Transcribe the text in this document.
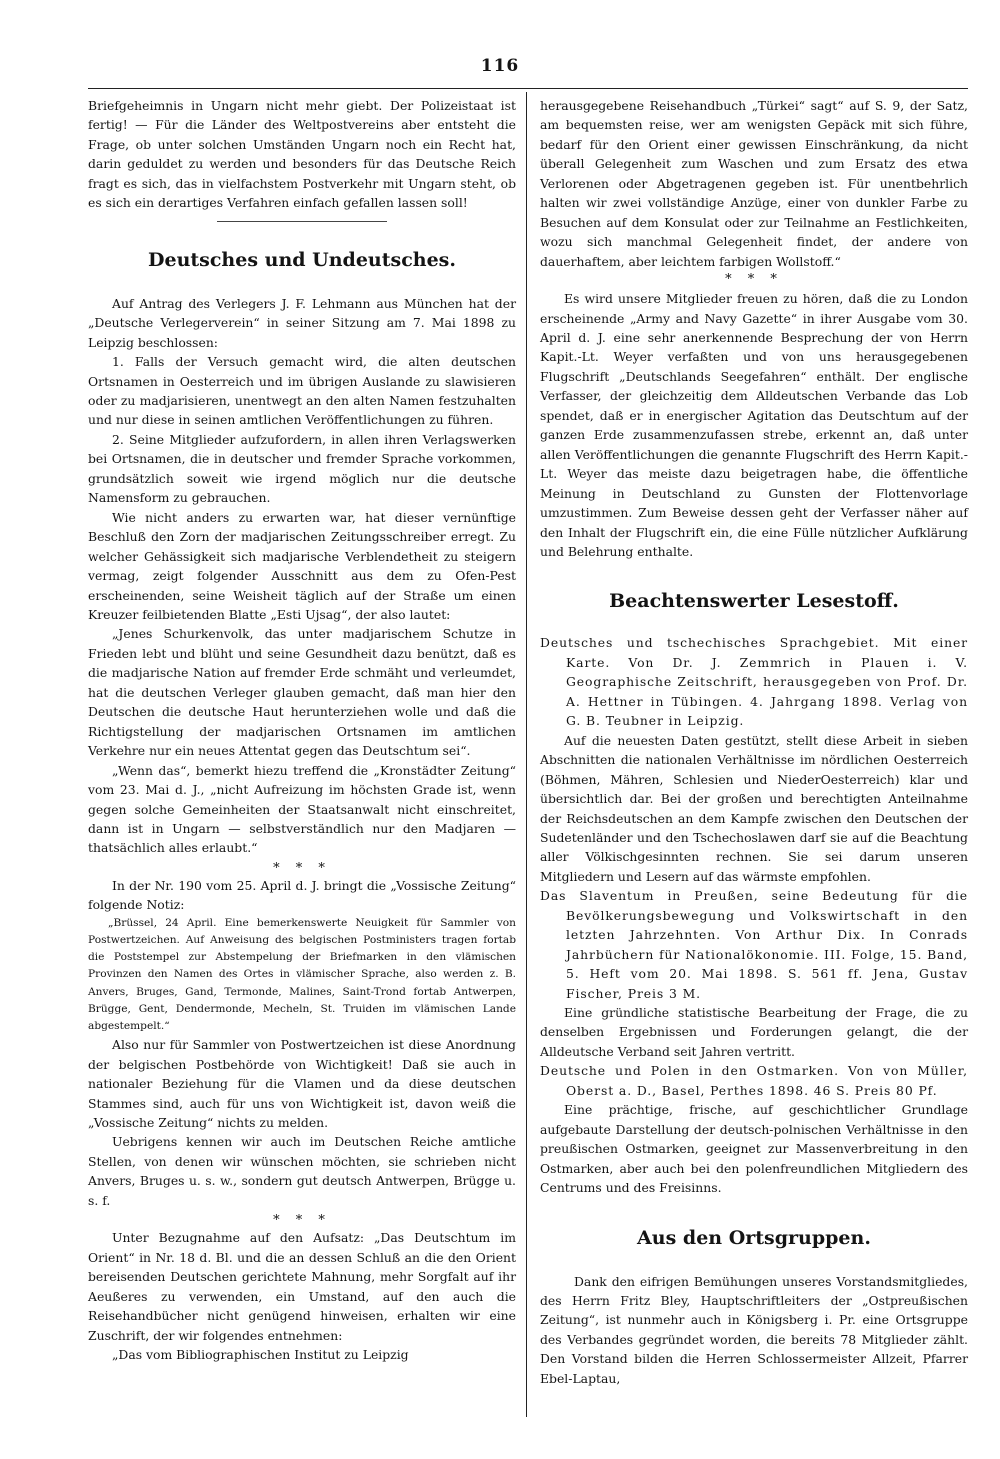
116

Briefgeheimnis in Ungarn nicht mehr giebt. Der Polizeistaat ist fertig! — Für die Länder des Weltpostvereins aber entsteht die Frage, ob unter solchen Umständen Ungarn noch ein Recht hat, darin geduldet zu werden und besonders für das Deutsche Reich fragt es sich, das in vielfachstem Postverkehr mit Ungarn steht, ob es sich ein derartiges Verfahren einfach gefallen lassen soll!

Deutsches und Undeutsches.

Auf Antrag des Verlegers J. F. Lehmann aus München hat der „Deutsche Verlegerverein“ in seiner Sitzung am 7. Mai 1898 zu Leipzig beschlossen:

1. Falls der Versuch gemacht wird, die alten deutschen Ortsnamen in Oesterreich und im übrigen Auslande zu slawisieren oder zu madjarisieren, unentwegt an den alten Namen festzuhalten und nur diese in seinen amtlichen Veröffentlichungen zu führen.

2. Seine Mitglieder aufzufordern, in allen ihren Verlagswerken bei Ortsnamen, die in deutscher und fremder Sprache vorkommen, grundsätzlich soweit wie irgend möglich nur die deutsche Namensform zu gebrauchen.

Wie nicht anders zu erwarten war, hat dieser vernünftige Beschluß den Zorn der madjarischen Zeitungsschreiber erregt. Zu welcher Gehässigkeit sich madjarische Verblendetheit zu steigern vermag, zeigt folgender Ausschnitt aus dem zu Ofen-Pest erscheinenden, seine Weisheit täglich auf der Straße um einen Kreuzer feilbietenden Blatte „Esti Ujsag“, der also lautet:

„Jenes Schurkenvolk, das unter madjarischem Schutze in Frieden lebt und blüht und seine Gesundheit dazu benützt, daß es die madjarische Nation auf fremder Erde schmäht und verleumdet, hat die deutschen Verleger glauben gemacht, daß man hier den Deutschen die deutsche Haut herunterziehen wolle und daß die Richtigstellung der madjarischen Ortsnamen im amtlichen Verkehre nur ein neues Attentat gegen das Deutschtum sei“.

„Wenn das“, bemerkt hiezu treffend die „Kronstädter Zeitung“ vom 23. Mai d. J., „nicht Aufreizung im höchsten Grade ist, wenn gegen solche Gemeinheiten der Staatsanwalt nicht einschreitet, dann ist in Ungarn — selbstverständlich nur den Madjaren — thatsächlich alles erlaubt.“

* * *

In der Nr. 190 vom 25. April d. J. bringt die „Vossische Zeitung“ folgende Notiz:

„Brüssel, 24 April. Eine bemerkenswerte Neuigkeit für Sammler von Postwertzeichen. Auf Anweisung des belgischen Postministers tragen fortab die Poststempel zur Abstempelung der Briefmarken in den vlämischen Provinzen den Namen des Ortes in vlämischer Sprache, also werden z. B. Anvers, Bruges, Gand, Termonde, Malines, Saint-Trond fortab Antwerpen, Brügge, Gent, Dendermonde, Mecheln, St. Truiden im vlämischen Lande abgestempelt.“

Also nur für Sammler von Postwertzeichen ist diese Anordnung der belgischen Postbehörde von Wichtigkeit! Daß sie auch in nationaler Beziehung für die Vlamen und da diese deutschen Stammes sind, auch für uns von Wichtigkeit ist, davon weiß die „Vossische Zeitung“ nichts zu melden.

Uebrigens kennen wir auch im Deutschen Reiche amtliche Stellen, von denen wir wünschen möchten, sie schrieben nicht Anvers, Bruges u. s. w., sondern gut deutsch Antwerpen, Brügge u. s. f.

* * *

Unter Bezugnahme auf den Aufsatz: „Das Deutschtum im Orient“ in Nr. 18 d. Bl. und die an dessen Schluß an die den Orient bereisenden Deutschen gerichtete Mahnung, mehr Sorgfalt auf ihr Aeußeres zu verwenden, ein Umstand, auf den auch die Reisehandbücher nicht genügend hinweisen, erhalten wir eine Zuschrift, der wir folgendes entnehmen:

„Das vom Bibliographischen Institut zu Leipzig

herausgegebene Reisehandbuch „Türkei“ sagt“ auf S. 9, der Satz, am bequemsten reise, wer am wenigsten Gepäck mit sich führe, bedarf für den Orient einer gewissen Einschränkung, da nicht überall Gelegenheit zum Waschen und zum Ersatz des etwa Verlorenen oder Abgetragenen gegeben ist. Für unentbehrlich halten wir zwei vollständige Anzüge, einer von dunkler Farbe zu Besuchen auf dem Konsulat oder zur Teilnahme an Festlichkeiten, wozu sich manchmal Gelegenheit findet, der andere von dauerhaftem, aber leichtem farbigen Wollstoff.“

* * *

Es wird unsere Mitglieder freuen zu hören, daß die zu London erscheinende „Army and Navy Gazette“ in ihrer Ausgabe vom 30. April d. J. eine sehr anerkennende Besprechung der von Herrn Kapit.-Lt. Weyer verfaßten und von uns herausgegebenen Flugschrift „Deutschlands Seegefahren“ enthält. Der englische Verfasser, der gleichzeitig dem Alldeutschen Verbande das Lob spendet, daß er in energischer Agitation das Deutschtum auf der ganzen Erde zusammenzufassen strebe, erkennt an, daß unter allen Veröffentlichungen die genannte Flugschrift des Herrn Kapit.-Lt. Weyer das meiste dazu beigetragen habe, die öffentliche Meinung in Deutschland zu Gunsten der Flottenvorlage umzustimmen. Zum Beweise dessen geht der Verfasser näher auf den Inhalt der Flugschrift ein, die eine Fülle nützlicher Aufklärung und Belehrung enthalte.

Beachtenswerter Lesestoff.

Deutsches und tschechisches Sprachgebiet. Mit einer Karte. Von Dr. J. Zemmrich in Plauen i. V. Geographische Zeitschrift, herausgegeben von Prof. Dr. A. Hettner in Tübingen. 4. Jahrgang 1898. Verlag von G. B. Teubner in Leipzig.

Auf die neuesten Daten gestützt, stellt diese Arbeit in sieben Abschnitten die nationalen Verhältnisse im nördlichen Oesterreich (Böhmen, Mähren, Schlesien und NiederOesterreich) klar und übersichtlich dar. Bei der großen und berechtigten Anteilnahme der Reichsdeutschen an dem Kampfe zwischen den Deutschen der Sudetenländer und den Tschechoslawen darf sie auf die Beachtung aller Völkischgesinnten rechnen. Sie sei darum unseren Mitgliedern und Lesern auf das wärmste empfohlen.

Das Slaventum in Preußen, seine Bedeutung für die Bevölkerungsbewegung und Volkswirtschaft in den letzten Jahrzehnten. Von Arthur Dix. In Conrads Jahrbüchern für Nationalökonomie. III. Folge, 15. Band, 5. Heft vom 20. Mai 1898. S. 561 ff. Jena, Gustav Fischer, Preis 3 M.

Eine gründliche statistische Bearbeitung der Frage, die zu denselben Ergebnissen und Forderungen gelangt, die der Alldeutsche Verband seit Jahren vertritt.

Deutsche und Polen in den Ostmarken. Von von Müller, Oberst a. D., Basel, Perthes 1898. 46 S. Preis 80 Pf.

Eine prächtige, frische, auf geschichtlicher Grundlage aufgebaute Darstellung der deutsch-polnischen Verhältnisse in den preußischen Ostmarken, geeignet zur Massenverbreitung in den Ostmarken, aber auch bei den polenfreundlichen Mitgliedern des Centrums und des Freisinns.

Aus den Ortsgruppen.

Dank den eifrigen Bemühungen unseres Vorstandsmitgliedes, des Herrn Fritz Bley, Hauptschriftleiters der „Ostpreußischen Zeitung“, ist nunmehr auch in Königsberg i. Pr. eine Ortsgruppe des Verbandes gegründet worden, die bereits 78 Mitglieder zählt. Den Vorstand bilden die Herren Schlossermeister Allzeit, Pfarrer Ebel-Laptau,
